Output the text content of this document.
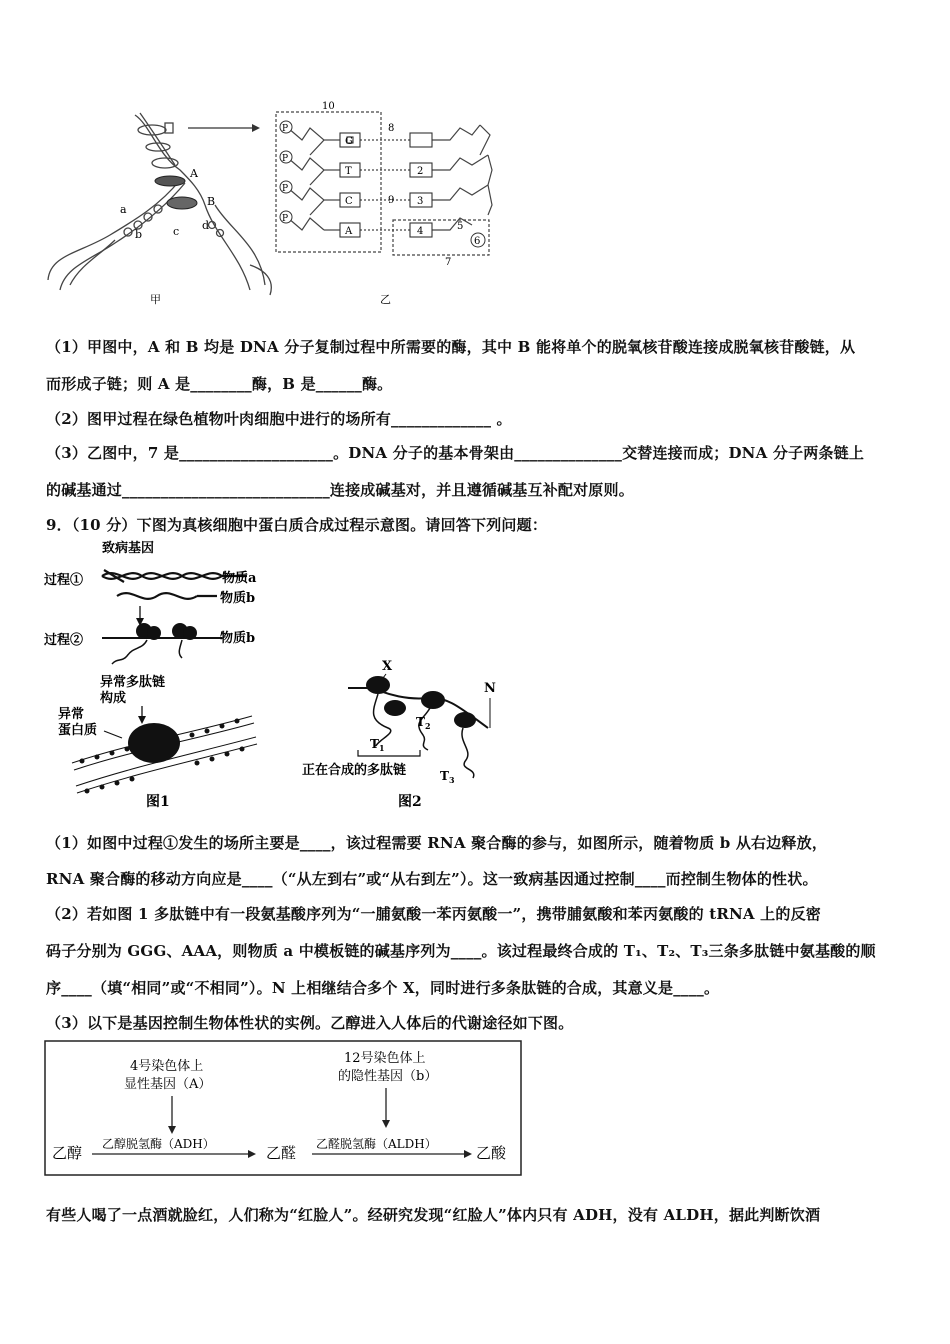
A
B
a
b	c d
甲
P
P
P
P
G
T
C
A
2
3
4
10
8
9
7
5
6
乙
（1）甲图中，A 和 B 均是 DNA 分子复制过程中所需要的酶，其中 B 能将单个的脱氧核苷酸连接成脱氧核苷酸链，从
而形成子链；则 A 是________酶，B 是______酶。
（2）图甲过程在绿色植物叶肉细胞中进行的场所有_____________ 。
（3）乙图中，7 是____________________。DNA 分子的基本骨架由______________交替连接而成；DNA 分子两条链上
的碱基通过___________________________连接成碱基对，并且遵循碱基互补配对原则。
9．（10 分）下图为真核细胞中蛋白质合成过程示意图。请回答下列问题：
致病基因
过程①	物质a
物质b
过程②	物质b
异常多肽链
构成
异常
蛋白质
图1
X
N
$T_1$
$T_2$
$T_3$
正在合成的多肽链
图2
（1）如图中过程①发生的场所主要是____，该过程需要 RNA 聚合酶的参与，如图所示，随着物质 b 从右边释放，
RNA 聚合酶的移动方向应是____（“从左到右”或“从右到左”）。这一致病基因通过控制____而控制生物体的性状。
（2）若如图 1 多肽链中有一段氨基酸序列为“一脯氨酸一苯丙氨酸一”，携带脯氨酸和苯丙氨酸的 tRNA 上的反密
码子分别为 GGG、AAA，则物质 a 中模板链的碱基序列为____。该过程最终合成的 T₁、T₂、T₃三条多肽链中氨基酸的顺
序____（填“相同”或“不相同”）。N 上相继结合多个 X，同时进行多条肽链的合成，其意义是____。
（3）以下是基因控制生物体性状的实例。乙醇进入人体后的代谢途径如下图。
4号染色体上
显性基因（A）
12号染色体上
的隐性基因（b）
乙醇 乙醇脱氢酶（ADH）	乙醛 乙醛脱氢酶（ALDH）	乙酸
有些人喝了一点酒就脸红，人们称为“红脸人”。经研究发现“红脸人”体内只有 ADH，没有 ALDH，据此判断饮酒
